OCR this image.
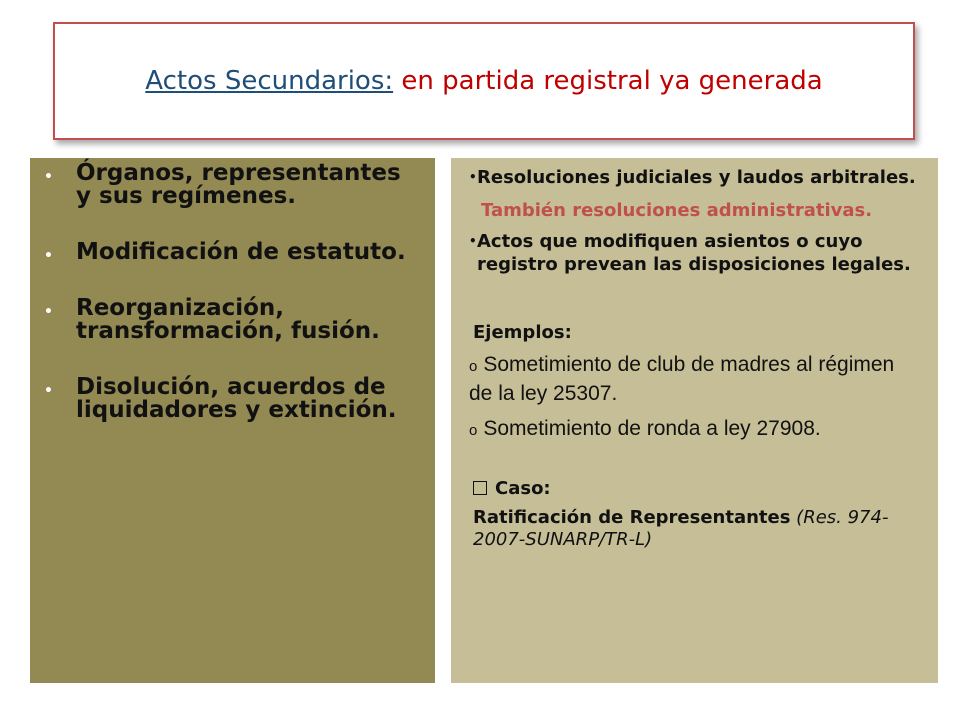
Actos Secundarios: en partida registral ya generada
• Órganos, representantes y sus regímenes.
• Modificación de estatuto.
• Reorganización, transformación, fusión.
• Disolución, acuerdos de liquidadores y extinción.
• Resoluciones judiciales y laudos arbitrales.
También resoluciones administrativas.
• Actos que modifiquen asientos o cuyo registro prevean las disposiciones legales.
Ejemplos:
o Sometimiento de club de madres al régimen de la ley 25307.
o Sometimiento de ronda a ley 27908.
Caso:
Ratificación de Representantes (Res. 974-2007-SUNARP/TR-L)
